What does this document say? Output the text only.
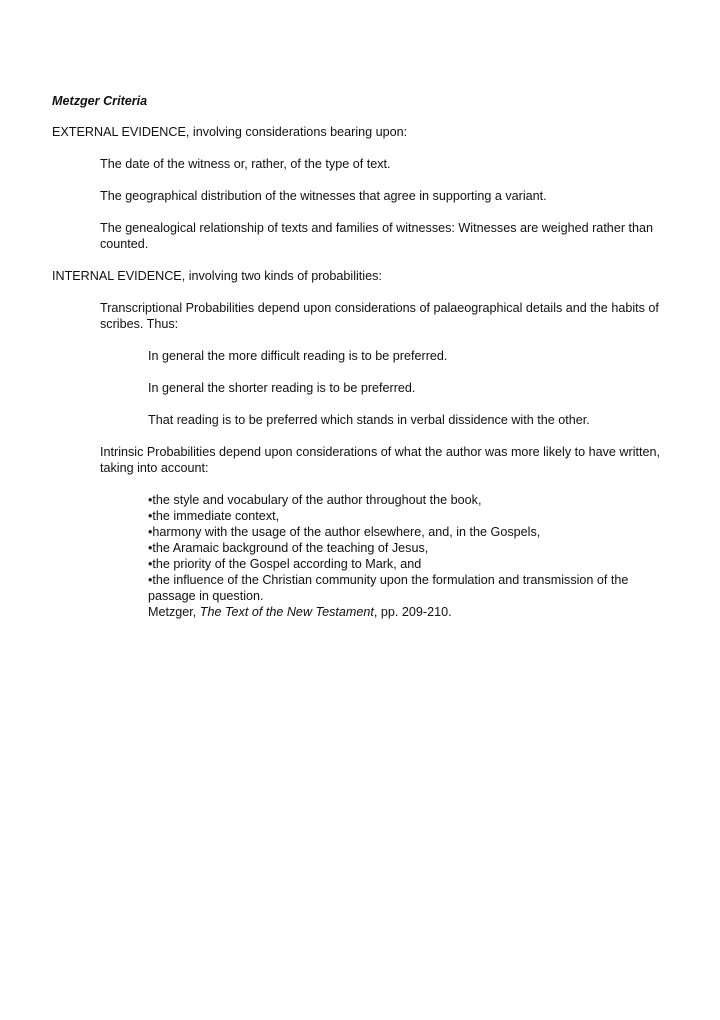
Metzger Criteria

EXTERNAL EVIDENCE, involving considerations bearing upon:

The date of the witness or, rather, of the type of text.

The geographical distribution of the witnesses that agree in supporting a variant.

The genealogical relationship of texts and families of witnesses: Witnesses are weighed rather than counted.

INTERNAL EVIDENCE, involving two kinds of probabilities:

Transcriptional Probabilities depend upon considerations of palaeographical details and the habits of scribes. Thus:

In general the more difficult reading is to be preferred.

In general the shorter reading is to be preferred.

That reading is to be preferred which stands in verbal dissidence with the other.

Intrinsic Probabilities depend upon considerations of what the author was more likely to have written, taking into account:

•the style and vocabulary of the author throughout the book,
•the immediate context,
•harmony with the usage of the author elsewhere, and, in the Gospels,
•the Aramaic background of the teaching of Jesus,
•the priority of the Gospel according to Mark, and
•the influence of the Christian community upon the formulation and transmission of the passage in question.
Metzger, The Text of the New Testament, pp. 209-210.
